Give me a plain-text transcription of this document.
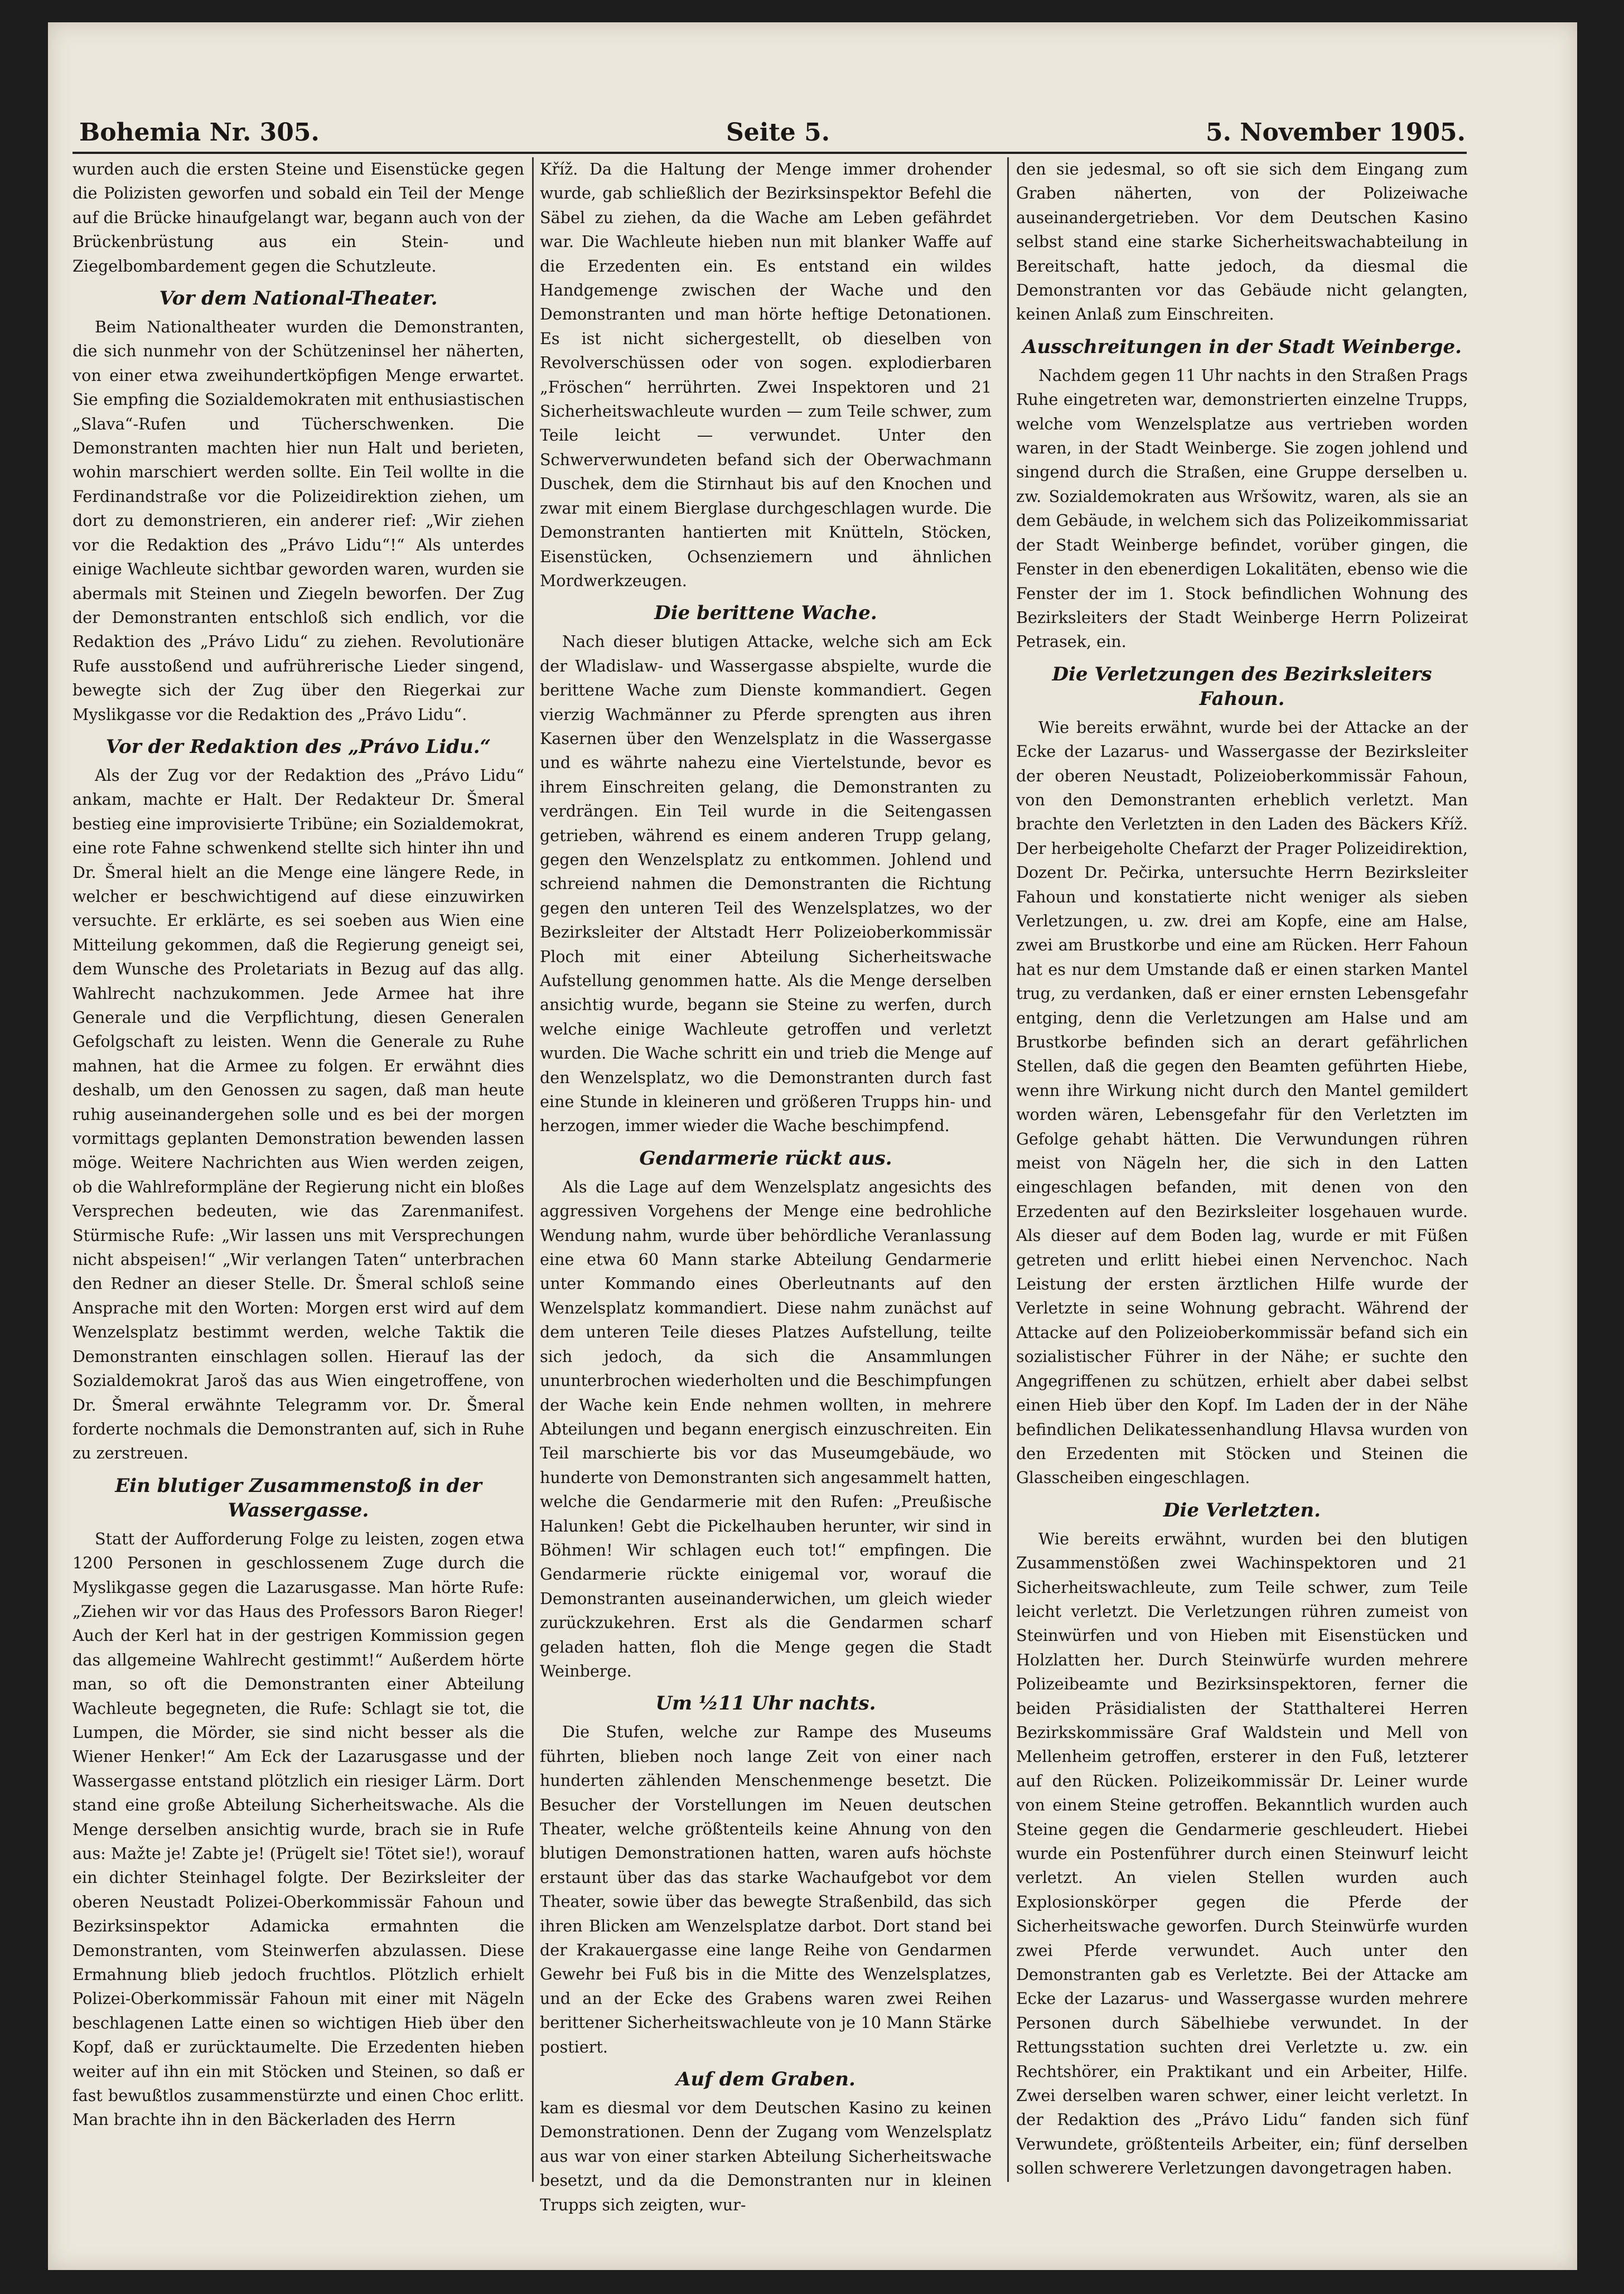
Bohemia Nr. 305.	Seite 5.	5. November 1905.

wurden auch die ersten Steine und Eisenstücke gegen die Polizisten geworfen und sobald ein Teil der Menge auf die Brücke hinaufgelangt war, begann auch von der Brückenbrüstung aus ein Stein- und Ziegelbombardement gegen die Schutzleute.

Vor dem National-Theater.

Beim Nationaltheater wurden die Demonstranten, die sich nunmehr von der Schützeninsel her näherten, von einer etwa zweihundertköpfigen Menge erwartet. Sie empfing die Sozialdemokraten mit enthusiastischen „Slava“-Rufen und Tücherschwenken. Die Demonstranten machten hier nun Halt und berieten, wohin marschiert werden sollte. Ein Teil wollte in die Ferdinandstraße vor die Polizeidirektion ziehen, um dort zu demonstrieren, ein anderer rief: „Wir ziehen vor die Redaktion des „Právo Lidu“!“ Als unterdes einige Wachleute sichtbar geworden waren, wurden sie abermals mit Steinen und Ziegeln beworfen. Der Zug der Demonstranten entschloß sich endlich, vor die Redaktion des „Právo Lidu“ zu ziehen. Revolutionäre Rufe ausstoßend und aufrührerische Lieder singend, bewegte sich der Zug über den Riegerkai zur Myslikgasse vor die Redaktion des „Právo Lidu“.

Vor der Redaktion des „Právo Lidu.“

Als der Zug vor der Redaktion des „Právo Lidu“ ankam, machte er Halt. Der Redakteur Dr. Šmeral bestieg eine improvisierte Tribüne; ein Sozialdemokrat, eine rote Fahne schwenkend stellte sich hinter ihn und Dr. Šmeral hielt an die Menge eine längere Rede, in welcher er beschwichtigend auf diese einzuwirken versuchte. Er erklärte, es sei soeben aus Wien eine Mitteilung gekommen, daß die Regierung geneigt sei, dem Wunsche des Proletariats in Bezug auf das allg. Wahlrecht nachzukommen. Jede Armee hat ihre Generale und die Verpflichtung, diesen Generalen Gefolgschaft zu leisten. Wenn die Generale zu Ruhe mahnen, hat die Armee zu folgen. Er erwähnt dies deshalb, um den Genossen zu sagen, daß man heute ruhig auseinandergehen solle und es bei der morgen vormittags geplanten Demonstration bewenden lassen möge. Weitere Nachrichten aus Wien werden zeigen, ob die Wahlreformpläne der Regierung nicht ein bloßes Versprechen bedeuten, wie das Zarenmanifest. Stürmische Rufe: „Wir lassen uns mit Versprechungen nicht abspeisen!“ „Wir verlangen Taten“ unterbrachen den Redner an dieser Stelle. Dr. Šmeral schloß seine Ansprache mit den Worten: Morgen erst wird auf dem Wenzelsplatz bestimmt werden, welche Taktik die Demonstranten einschlagen sollen. Hierauf las der Sozialdemokrat Jaroš das aus Wien eingetroffene, von Dr. Šmeral erwähnte Telegramm vor. Dr. Šmeral forderte nochmals die Demonstranten auf, sich in Ruhe zu zerstreuen.

Ein blutiger Zusammenstoß in der Wassergasse.

Statt der Aufforderung Folge zu leisten, zogen etwa 1200 Personen in geschlossenem Zuge durch die Myslikgasse gegen die Lazarusgasse. Man hörte Rufe: „Ziehen wir vor das Haus des Professors Baron Rieger! Auch der Kerl hat in der gestrigen Kommission gegen das allgemeine Wahlrecht gestimmt!“ Außerdem hörte man, so oft die Demonstranten einer Abteilung Wachleute begegneten, die Rufe: Schlagt sie tot, die Lumpen, die Mörder, sie sind nicht besser als die Wiener Henker!“ Am Eck der Lazarusgasse und der Wassergasse entstand plötzlich ein riesiger Lärm. Dort stand eine große Abteilung Sicherheitswache. Als die Menge derselben ansichtig wurde, brach sie in Rufe aus: Mažte je! Zabte je! (Prügelt sie! Tötet sie!), worauf ein dichter Steinhagel folgte. Der Bezirksleiter der oberen Neustadt Polizei-Oberkommissär Fahoun und Bezirksinspektor Adamicka ermahnten die Demonstranten, vom Steinwerfen abzulassen. Diese Ermahnung blieb jedoch fruchtlos. Plötzlich erhielt Polizei-Oberkommissär Fahoun mit einer mit Nägeln beschlagenen Latte einen so wichtigen Hieb über den Kopf, daß er zurücktaumelte. Die Erzedenten hieben weiter auf ihn ein mit Stöcken und Steinen, so daß er fast bewußtlos zusammenstürzte und einen Choc erlitt. Man brachte ihn in den Bäckerladen des Herrn

Kříž. Da die Haltung der Menge immer drohender wurde, gab schließlich der Bezirksinspektor Befehl die Säbel zu ziehen, da die Wache am Leben gefährdet war. Die Wachleute hieben nun mit blanker Waffe auf die Erzedenten ein. Es entstand ein wildes Handgemenge zwischen der Wache und den Demonstranten und man hörte heftige Detonationen. Es ist nicht sichergestellt, ob dieselben von Revolverschüssen oder von sogen. explodierbaren „Fröschen“ herrührten. Zwei Inspektoren und 21 Sicherheitswachleute wurden — zum Teile schwer, zum Teile leicht — verwundet. Unter den Schwerverwundeten befand sich der Oberwachmann Duschek, dem die Stirnhaut bis auf den Knochen und zwar mit einem Bierglase durchgeschlagen wurde. Die Demonstranten hantierten mit Knütteln, Stöcken, Eisenstücken, Ochsenziemern und ähnlichen Mordwerkzeugen.

Die berittene Wache.

Nach dieser blutigen Attacke, welche sich am Eck der Wladislaw- und Wassergasse abspielte, wurde die berittene Wache zum Dienste kommandiert. Gegen vierzig Wachmänner zu Pferde sprengten aus ihren Kasernen über den Wenzelsplatz in die Wassergasse und es währte nahezu eine Viertelstunde, bevor es ihrem Einschreiten gelang, die Demonstranten zu verdrängen. Ein Teil wurde in die Seitengassen getrieben, während es einem anderen Trupp gelang, gegen den Wenzelsplatz zu entkommen. Johlend und schreiend nahmen die Demonstranten die Richtung gegen den unteren Teil des Wenzelsplatzes, wo der Bezirksleiter der Altstadt Herr Polizeioberkommissär Ploch mit einer Abteilung Sicherheitswache Aufstellung genommen hatte. Als die Menge derselben ansichtig wurde, begann sie Steine zu werfen, durch welche einige Wachleute getroffen und verletzt wurden. Die Wache schritt ein und trieb die Menge auf den Wenzelsplatz, wo die Demonstranten durch fast eine Stunde in kleineren und größeren Trupps hin- und herzogen, immer wieder die Wache beschimpfend.

Gendarmerie rückt aus.

Als die Lage auf dem Wenzelsplatz angesichts des aggressiven Vorgehens der Menge eine bedrohliche Wendung nahm, wurde über behördliche Veranlassung eine etwa 60 Mann starke Abteilung Gendarmerie unter Kommando eines Oberleutnants auf den Wenzelsplatz kommandiert. Diese nahm zunächst auf dem unteren Teile dieses Platzes Aufstellung, teilte sich jedoch, da sich die Ansammlungen ununterbrochen wiederholten und die Beschimpfungen der Wache kein Ende nehmen wollten, in mehrere Abteilungen und begann energisch einzuschreiten. Ein Teil marschierte bis vor das Museumgebäude, wo hunderte von Demonstranten sich angesammelt hatten, welche die Gendarmerie mit den Rufen: „Preußische Halunken! Gebt die Pickelhauben herunter, wir sind in Böhmen! Wir schlagen euch tot!“ empfingen. Die Gendarmerie rückte einigemal vor, worauf die Demonstranten auseinanderwichen, um gleich wieder zurückzukehren. Erst als die Gendarmen scharf geladen hatten, floh die Menge gegen die Stadt Weinberge.

Um ½11 Uhr nachts.

Die Stufen, welche zur Rampe des Museums führten, blieben noch lange Zeit von einer nach hunderten zählenden Menschenmenge besetzt. Die Besucher der Vorstellungen im Neuen deutschen Theater, welche größtenteils keine Ahnung von den blutigen Demonstrationen hatten, waren aufs höchste erstaunt über das das starke Wachaufgebot vor dem Theater, sowie über das bewegte Straßenbild, das sich ihren Blicken am Wenzelsplatze darbot. Dort stand bei der Krakauergasse eine lange Reihe von Gendarmen Gewehr bei Fuß bis in die Mitte des Wenzelsplatzes, und an der Ecke des Grabens waren zwei Reihen berittener Sicherheitswachleute von je 10 Mann Stärke postiert.

Auf dem Graben.

kam es diesmal vor dem Deutschen Kasino zu keinen Demonstrationen. Denn der Zugang vom Wenzelsplatz aus war von einer starken Abteilung Sicherheitswache besetzt, und da die Demonstranten nur in kleinen Trupps sich zeigten, wur-

den sie jedesmal, so oft sie sich dem Eingang zum Graben näherten, von der Polizeiwache auseinandergetrieben. Vor dem Deutschen Kasino selbst stand eine starke Sicherheitswachabteilung in Bereitschaft, hatte jedoch, da diesmal die Demonstranten vor das Gebäude nicht gelangten, keinen Anlaß zum Einschreiten.

Ausschreitungen in der Stadt Weinberge.

Nachdem gegen 11 Uhr nachts in den Straßen Prags Ruhe eingetreten war, demonstrierten einzelne Trupps, welche vom Wenzelsplatze aus vertrieben worden waren, in der Stadt Weinberge. Sie zogen johlend und singend durch die Straßen, eine Gruppe derselben u. zw. Sozialdemokraten aus Wršowitz, waren, als sie an dem Gebäude, in welchem sich das Polizeikommissariat der Stadt Weinberge befindet, vorüber gingen, die Fenster in den ebenerdigen Lokalitäten, ebenso wie die Fenster der im 1. Stock befindlichen Wohnung des Bezirksleiters der Stadt Weinberge Herrn Polizeirat Petrasek, ein.

Die Verletzungen des Bezirksleiters Fahoun.

Wie bereits erwähnt, wurde bei der Attacke an der Ecke der Lazarus- und Wassergasse der Bezirksleiter der oberen Neustadt, Polizeioberkommissär Fahoun, von den Demonstranten erheblich verletzt. Man brachte den Verletzten in den Laden des Bäckers Kříž. Der herbeigeholte Chefarzt der Prager Polizeidirektion, Dozent Dr. Pečirka, untersuchte Herrn Bezirksleiter Fahoun und konstatierte nicht weniger als sieben Verletzungen, u. zw. drei am Kopfe, eine am Halse, zwei am Brustkorbe und eine am Rücken. Herr Fahoun hat es nur dem Umstande daß er einen starken Mantel trug, zu verdanken, daß er einer ernsten Lebensgefahr entging, denn die Verletzungen am Halse und am Brustkorbe befinden sich an derart gefährlichen Stellen, daß die gegen den Beamten geführten Hiebe, wenn ihre Wirkung nicht durch den Mantel gemildert worden wären, Lebensgefahr für den Verletzten im Gefolge gehabt hätten. Die Verwundungen rühren meist von Nägeln her, die sich in den Latten eingeschlagen befanden, mit denen von den Erzedenten auf den Bezirksleiter losgehauen wurde. Als dieser auf dem Boden lag, wurde er mit Füßen getreten und erlitt hiebei einen Nervenchoc. Nach Leistung der ersten ärztlichen Hilfe wurde der Verletzte in seine Wohnung gebracht. Während der Attacke auf den Polizeioberkommissär befand sich ein sozialistischer Führer in der Nähe; er suchte den Angegriffenen zu schützen, erhielt aber dabei selbst einen Hieb über den Kopf. Im Laden der in der Nähe befindlichen Delikatessenhandlung Hlavsa wurden von den Erzedenten mit Stöcken und Steinen die Glasscheiben eingeschlagen.

Die Verletzten.

Wie bereits erwähnt, wurden bei den blutigen Zusammenstößen zwei Wachinspektoren und 21 Sicherheitswachleute, zum Teile schwer, zum Teile leicht verletzt. Die Verletzungen rühren zumeist von Steinwürfen und von Hieben mit Eisenstücken und Holzlatten her. Durch Steinwürfe wurden mehrere Polizeibeamte und Bezirksinspektoren, ferner die beiden Präsidialisten der Statthalterei Herren Bezirkskommissäre Graf Waldstein und Mell von Mellenheim getroffen, ersterer in den Fuß, letzterer auf den Rücken. Polizeikommissär Dr. Leiner wurde von einem Steine getroffen. Bekanntlich wurden auch Steine gegen die Gendarmerie geschleudert. Hiebei wurde ein Postenführer durch einen Steinwurf leicht verletzt. An vielen Stellen wurden auch Explosionskörper gegen die Pferde der Sicherheitswache geworfen. Durch Steinwürfe wurden zwei Pferde verwundet. Auch unter den Demonstranten gab es Verletzte. Bei der Attacke am Ecke der Lazarus- und Wassergasse wurden mehrere Personen durch Säbelhiebe verwundet. In der Rettungsstation suchten drei Verletzte u. zw. ein Rechtshörer, ein Praktikant und ein Arbeiter, Hilfe. Zwei derselben waren schwer, einer leicht verletzt. In der Redaktion des „Právo Lidu“ fanden sich fünf Verwundete, größtenteils Arbeiter, ein; fünf derselben sollen schwerere Verletzungen davongetragen haben.
